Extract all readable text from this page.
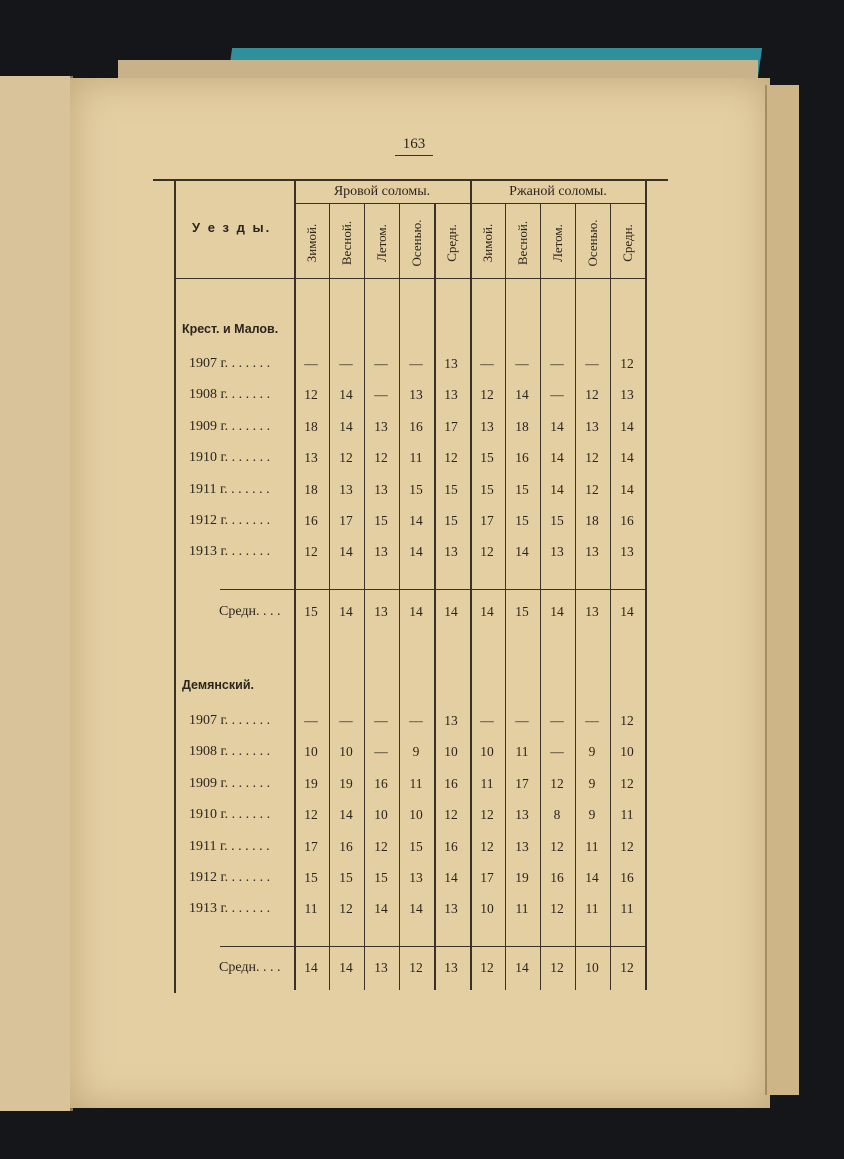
163
У е з д ы.
Яровой соломы.	Ржаной соломы.
Зимой. Весной. Летом. Осенью. Средн. Зимой. Весной. Летом. Осенью. Средн.
Крест. и Малов.
1907 г. . . . . . .	—	—	—	—	13	—	—	—	—	12
1908 г. . . . . . .	12	14	—	13	13	12	14	—	12	13
1909 г. . . . . . .	18	14	13	16	17	13	18	14	13	14
1910 г. . . . . . .	13	12	12	11	12	15	16	14	12	14
1911 г. . . . . . .	18	13	13	15	15	15	15	14	12	14
1912 г. . . . . . .	16	17	15	14	15	17	15	15	18	16
1913 г. . . . . . .	12	14	13	14	13	12	14	13	13	13
Средн. . . .	15	14	13	14	14	14	15	14	13	14
Демянский.
1907 г. . . . . . .	—	—	—	—	13	—	—	—	—	12
1908 г. . . . . . .	10	10	—	9	10	10	11	—	9	10
1909 г. . . . . . .	19	19	16	11	16	11	17	12	9	12
1910 г. . . . . . .	12	14	10	10	12	12	13	8	9	11
1911 г. . . . . . .	17	16	12	15	16	12	13	12	11	12
1912 г. . . . . . .	15	15	15	13	14	17	19	16	14	16
1913 г. . . . . . .	11	12	14	14	13	10	11	12	11	11
Средн. . . .	14	14	13	12	13	12	14	12	10	12
